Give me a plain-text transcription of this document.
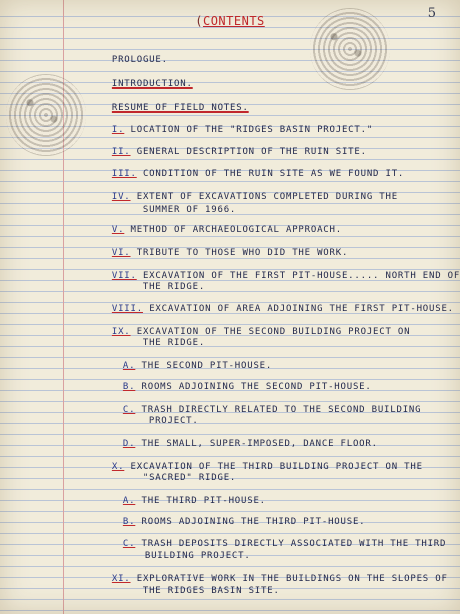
(CONTENTS	5

PROLOGUE.

INTRODUCTION.

RESUME OF FIELD NOTES.

I. LOCATION OF THE "RIDGES BASIN PROJECT."

II. GENERAL DESCRIPTION OF THE RUIN SITE.

III. CONDITION OF THE RUIN SITE AS WE FOUND IT.

IV. EXTENT OF EXCAVATIONS COMPLETED DURING THE

SUMMER OF 1966.

V. METHOD OF ARCHAEOLOGICAL APPROACH.

VI. TRIBUTE TO THOSE WHO DID THE WORK.

VII. EXCAVATION OF THE FIRST PIT-HOUSE..... NORTH END OF

THE RIDGE.

VIII. EXCAVATION OF AREA ADJOINING THE FIRST PIT-HOUSE.

IX. EXCAVATION OF THE SECOND BUILDING PROJECT ON

THE RIDGE.

A. THE SECOND PIT-HOUSE.

B. ROOMS ADJOINING THE SECOND PIT-HOUSE.

C. TRASH DIRECTLY RELATED TO THE SECOND BUILDING

PROJECT.

D. THE SMALL, SUPER-IMPOSED, DANCE FLOOR.

X. EXCAVATION OF THE THIRD BUILDING PROJECT ON THE

"SACRED" RIDGE.

A. THE THIRD PIT-HOUSE.

B. ROOMS ADJOINING THE THIRD PIT-HOUSE.

C. TRASH DEPOSITS DIRECTLY ASSOCIATED WITH THE THIRD

BUILDING PROJECT.

XI. EXPLORATIVE WORK IN THE BUILDINGS ON THE SLOPES OF

THE RIDGES BASIN SITE.
